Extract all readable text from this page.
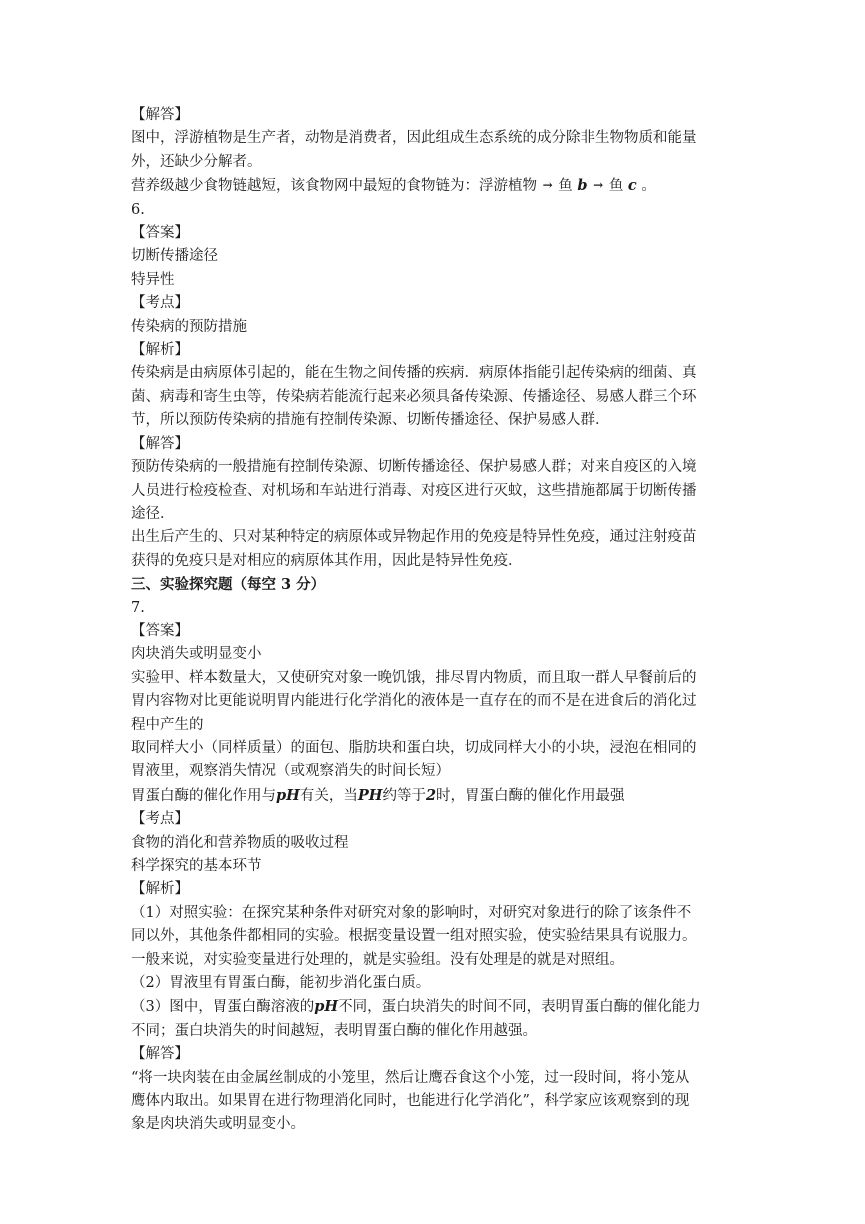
【解答】

图中，浮游植物是生产者，动物是消费者，因此组成生态系统的成分除非生物物质和能量

外，还缺少分解者。

营养级越少食物链越短，该食物网中最短的食物链为：浮游植物 → 鱼 b → 鱼 c 。

6.

【答案】

切断传播途径

特异性

【考点】

传染病的预防措施

【解析】

传染病是由病原体引起的，能在生物之间传播的疾病．病原体指能引起传染病的细菌、真

菌、病毒和寄生虫等，传染病若能流行起来必须具备传染源、传播途径、易感人群三个环

节，所以预防传染病的措施有控制传染源、切断传播途径、保护易感人群．

【解答】

预防传染病的一般措施有控制传染源、切断传播途径、保护易感人群；对来自疫区的入境

人员进行检疫检查、对机场和车站进行消毒、对疫区进行灭蚊，这些措施都属于切断传播

途径．

出生后产生的、只对某种特定的病原体或异物起作用的免疫是特异性免疫，通过注射疫苗

获得的免疫只是对相应的病原体其作用，因此是特异性免疫．

三、实验探究题（每空 3 分）

7.

【答案】

肉块消失或明显变小

实验甲、样本数量大，又使研究对象一晚饥饿，排尽胃内物质，而且取一群人早餐前后的

胃内容物对比更能说明胃内能进行化学消化的液体是一直存在的而不是在进食后的消化过

程中产生的

取同样大小（同样质量）的面包、脂肪块和蛋白块，切成同样大小的小块，浸泡在相同的

胃液里，观察消失情况（或观察消失的时间长短）

胃蛋白酶的催化作用与pH有关，当PH约等于2时，胃蛋白酶的催化作用最强

【考点】

食物的消化和营养物质的吸收过程

科学探究的基本环节

【解析】

（1）对照实验：在探究某种条件对研究对象的影响时，对研究对象进行的除了该条件不

同以外，其他条件都相同的实验。根据变量设置一组对照实验，使实验结果具有说服力。

一般来说，对实验变量进行处理的，就是实验组。没有处理是的就是对照组。

（2）胃液里有胃蛋白酶，能初步消化蛋白质。

（3）图中，胃蛋白酶溶液的pH不同，蛋白块消失的时间不同，表明胃蛋白酶的催化能力

不同；蛋白块消失的时间越短，表明胃蛋白酶的催化作用越强。

【解答】

“将一块肉装在由金属丝制成的小笼里，然后让鹰吞食这个小笼，过一段时间，将小笼从

鹰体内取出。如果胃在进行物理消化同时，也能进行化学消化”，科学家应该观察到的现

象是肉块消失或明显变小。
